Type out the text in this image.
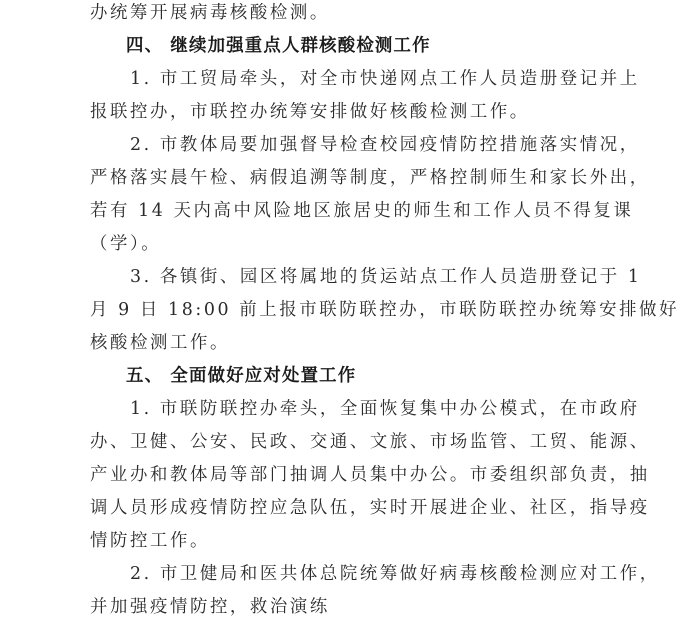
办统筹开展病毒核酸检测。
四、 继续加强重点人群核酸检测工作
1. 市工贸局牵头，对全市快递网点工作人员造册登记并上
报联控办，市联控办统筹安排做好核酸检测工作。
2. 市教体局要加强督导检查校园疫情防控措施落实情况，
严格落实晨午检、病假追溯等制度，严格控制师生和家长外出，
若有 14 天内高中风险地区旅居史的师生和工作人员不得复课
（学）。
3. 各镇街、园区将属地的货运站点工作人员造册登记于 1
月 9 日 18:00 前上报市联防联控办，市联防联控办统筹安排做好
核酸检测工作。
五、 全面做好应对处置工作
1. 市联防联控办牵头，全面恢复集中办公模式，在市政府
办、卫健、公安、民政、交通、文旅、市场监管、工贸、能源、
产业办和教体局等部门抽调人员集中办公。市委组织部负责，抽
调人员形成疫情防控应急队伍，实时开展进企业、社区，指导疫
情防控工作。
2. 市卫健局和医共体总院统筹做好病毒核酸检测应对工作，
并加强疫情防控，救治演练
